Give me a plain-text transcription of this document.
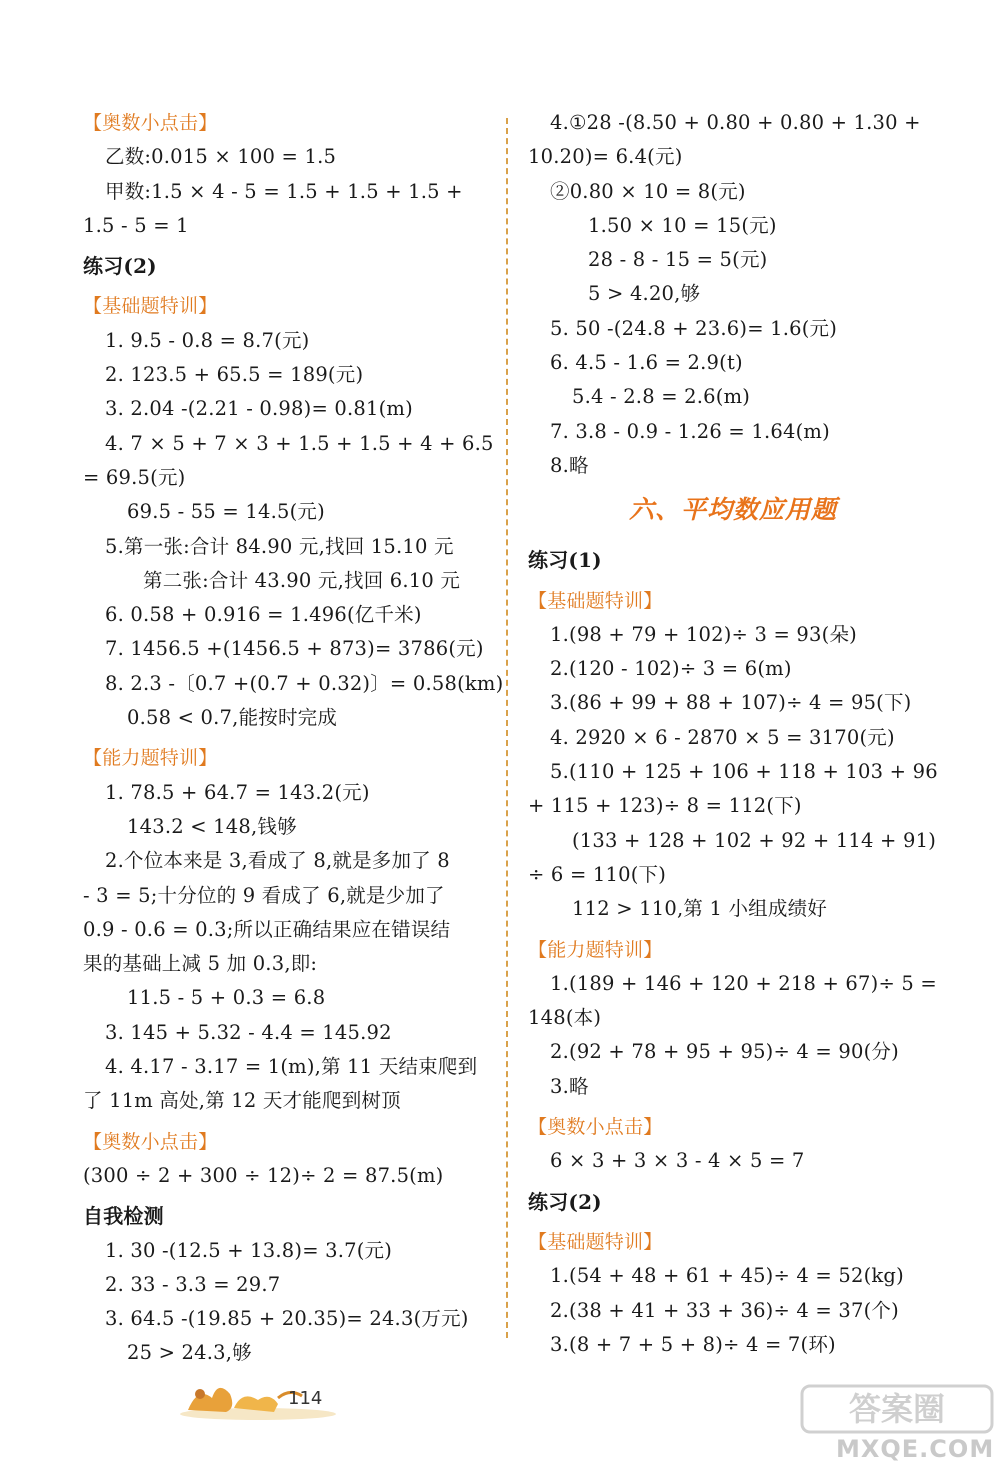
【奥数小点击】
乙数:0.015 × 100 = 1.5
甲数:1.5 × 4 - 5 = 1.5 + 1.5 + 1.5 +
1.5 - 5 = 1
练习(2)
【基础题特训】
1. 9.5 - 0.8 = 8.7(元)
2. 123.5 + 65.5 = 189(元)
3. 2.04 -(2.21 - 0.98)= 0.81(m)
4. 7 × 5 + 7 × 3 + 1.5 + 1.5 + 4 + 6.5
= 69.5(元)
69.5 - 55 = 14.5(元)
5.第一张:合计 84.90 元,找回 15.10 元
第二张:合计 43.90 元,找回 6.10 元
6. 0.58 + 0.916 = 1.496(亿千米)
7. 1456.5 +(1456.5 + 873)= 3786(元)
8. 2.3 -〔0.7 +(0.7 + 0.32)〕= 0.58(km)
0.58 < 0.7,能按时完成
【能力题特训】
1. 78.5 + 64.7 = 143.2(元)
143.2 < 148,钱够
2.个位本来是 3,看成了 8,就是多加了 8
- 3 = 5;十分位的 9 看成了 6,就是少加了
0.9 - 0.6 = 0.3;所以正确结果应在错误结
果的基础上减 5 加 0.3,即:
11.5 - 5 + 0.3 = 6.8
3. 145 + 5.32 - 4.4 = 145.92
4. 4.17 - 3.17 = 1(m),第 11 天结束爬到
了 11m 高处,第 12 天才能爬到树顶
【奥数小点击】
(300 ÷ 2 + 300 ÷ 12)÷ 2 = 87.5(m)
自我检测
1. 30 -(12.5 + 13.8)= 3.7(元)
2. 33 - 3.3 = 29.7
3. 64.5 -(19.85 + 20.35)= 24.3(万元)
25 > 24.3,够
4.①28 -(8.50 + 0.80 + 0.80 + 1.30 +
10.20)= 6.4(元)
②0.80 × 10 = 8(元)
1.50 × 10 = 15(元)
28 - 8 - 15 = 5(元)
5 > 4.20,够
5. 50 -(24.8 + 23.6)= 1.6(元)
6. 4.5 - 1.6 = 2.9(t)
5.4 - 2.8 = 2.6(m)
7. 3.8 - 0.9 - 1.26 = 1.64(m)
8.略
六、平均数应用题
练习(1)
【基础题特训】
1.(98 + 79 + 102)÷ 3 = 93(朵)
2.(120 - 102)÷ 3 = 6(m)
3.(86 + 99 + 88 + 107)÷ 4 = 95(下)
4. 2920 × 6 - 2870 × 5 = 3170(元)
5.(110 + 125 + 106 + 118 + 103 + 96
+ 115 + 123)÷ 8 = 112(下)
(133 + 128 + 102 + 92 + 114 + 91)
÷ 6 = 110(下)
112 > 110,第 1 小组成绩好
【能力题特训】
1.(189 + 146 + 120 + 218 + 67)÷ 5 =
148(本)
2.(92 + 78 + 95 + 95)÷ 4 = 90(分)
3.略
【奥数小点击】
6 × 3 + 3 × 3 - 4 × 5 = 7
练习(2)
【基础题特训】
1.(54 + 48 + 61 + 45)÷ 4 = 52(kg)
2.(38 + 41 + 33 + 36)÷ 4 = 37(个)
3.(8 + 7 + 5 + 8)÷ 4 = 7(环)
114	答案圈
MXQE.COM
